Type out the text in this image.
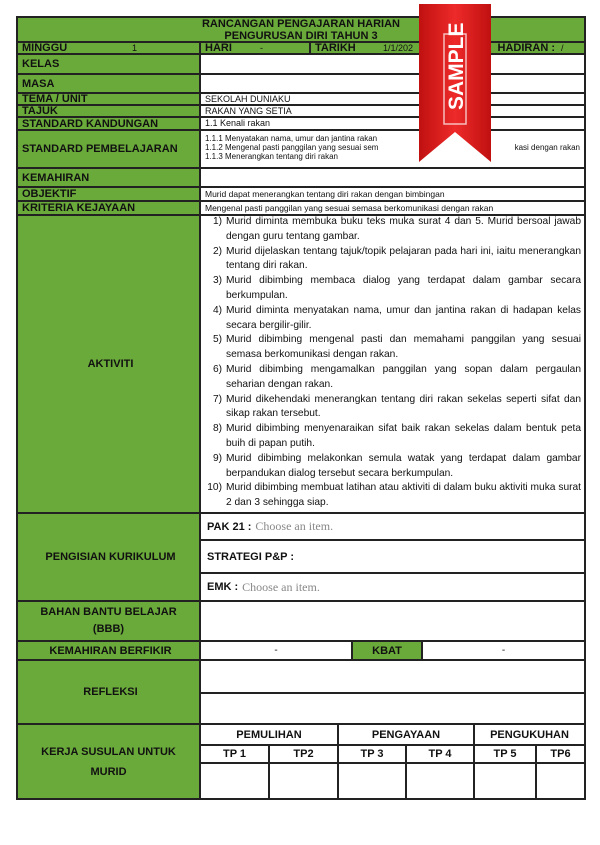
RANCANGAN PENGAJARAN HARIAN
PENGURUSAN DIRI TAHUN 3
MINGGU	1	HARI	-	TARIKH	1/1/202	HADIRAN : /
KELAS
MASA
TEMA / UNIT	SEKOLAH DUNIAKU
TAJUK	RAKAN YANG SETIA
STANDARD KANDUNGAN	1.1 Kenali rakan
STANDARD PEMBELAJARAN
1.1.1 Menyatakan nama, umur dan jantina rakan
1.1.2 Mengenal pasti panggilan yang sesuai sem	kasi dengan rakan
1.1.3 Menerangkan tentang diri rakan
KEMAHIRAN
OBJEKTIF	Murid dapat menerangkan tentang diri rakan dengan bimbingan
KRITERIA KEJAYAAN	Mengenal pasti panggilan yang sesuai semasa berkomunikasi dengan rakan
AKTIVITI
1) Murid diminta membuka buku teks muka surat 4 dan 5. Murid bersoal jawab dengan guru tentang gambar.
2) Murid dijelaskan tentang tajuk/topik pelajaran pada hari ini, iaitu menerangkan tentang diri rakan.
3) Murid dibimbing membaca dialog yang terdapat dalam gambar secara berkumpulan.
4) Murid diminta menyatakan nama, umur dan jantina rakan di hadapan kelas secara bergilir-gilir.
5) Murid dibimbing mengenal pasti dan memahami panggilan yang sesuai semasa berkomunikasi dengan rakan.
6) Murid dibimbing mengamalkan panggilan yang sopan dalam pergaulan seharian dengan rakan.
7) Murid dikehendaki menerangkan tentang diri rakan sekelas seperti sifat dan sikap rakan tersebut.
8) Murid dibimbing menyenaraikan sifat baik rakan sekelas dalam bentuk peta buih di papan putih.
9) Murid dibimbing melakonkan semula watak yang terdapat dalam gambar berpandukan dialog tersebut secara berkumpulan.
10) Murid dibimbing membuat latihan atau aktiviti di dalam buku aktiviti muka surat 2 dan 3 sehingga siap.
PENGISIAN KURIKULUM
PAK 21 : Choose an item.
STRATEGI P&P :
EMK : Choose an item.
BAHAN BANTU BELAJAR
(BBB)
KEMAHIRAN BERFIKIR	-	KBAT	-
REFLEKSI
KERJA SUSULAN UNTUK
MURID
PEMULIHAN	PENGAYAAN	PENGUKUHAN
TP 1	TP2	TP 3	TP 4	TP 5	TP6
SAMPLE
